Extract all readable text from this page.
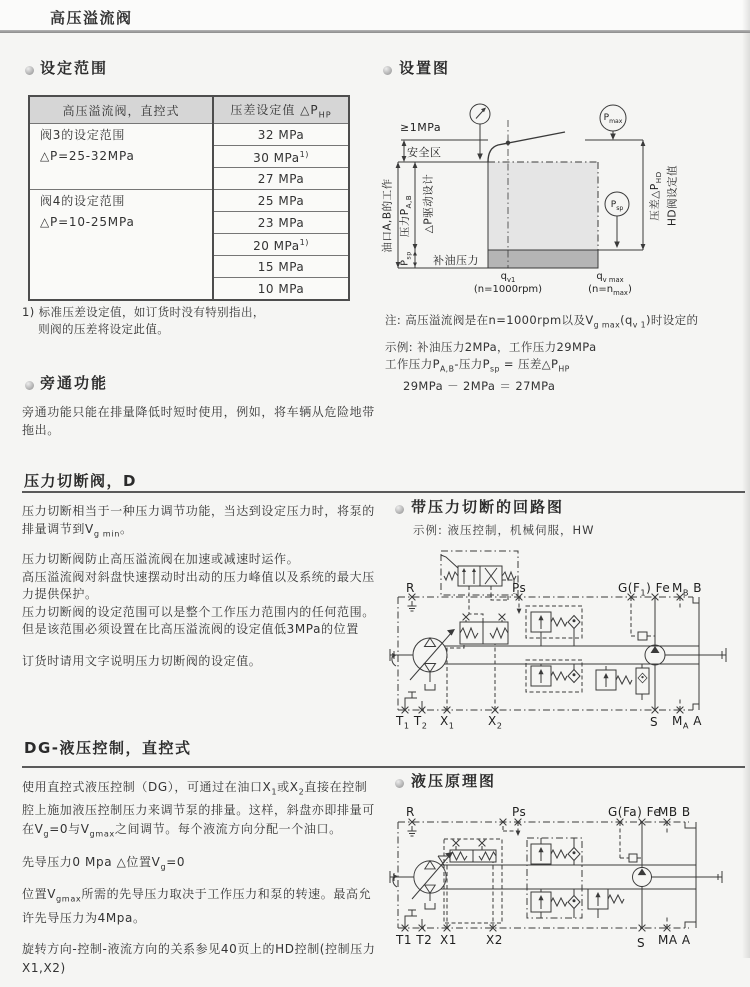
高压溢流阀
设定范围
高压溢流阀，直控式	压差设定值 $\triangle P_{HP}$

阀3的设定范围
△P=25-32MPa	32 MPa
	30 MPa$^{1)}$
	27 MPa

阀4的设定范围
△P=10-25MPa	25 MPa
	23 MPa
	20 MPa$^{1)}$
	15 MPa
	10 MPa
1) 标准压差设定值，如订货时没有特别指出，
则阀的压差将设定此值。
旁通功能
旁通功能只能在排量降低时短时使用，例如，将车辆从危险地带拖出。
设置图
≥1MPa
安全区
油口A,B的工作 压力$P_{A,B}$ △P驱动设计
$P_{sp}$ 补油压力
压差$\triangle P_{HD}$ HD阀设定值
$P_{max}$
$P_{sp}$
$q_{v1}$
(n=1000rpm)
$q_{v max}$
$(n=n_{max})$
注: 高压溢流阀是在n=1000rpm以及$V_{g max}(q_{v 1})$时设定的
示例: 补油压力2MPa，工作压力29MPa
工作压力$P_{A,B}-$压力$P_{sp}$ = 压差$\triangle P_{HP}$
29MPa － 2MPa ＝ 27MPa
压力切断阀，D

压力切断相当于一种压力调节功能，当达到设定压力时，将泵的排量调节到$V_{g min}$。

压力切断阀防止高压溢流阀在加速或减速时运作。

高压溢流阀对斜盘快速摆动时出动的压力峰值以及系统的最大压力提供保护。

压力切断阀的设定范围可以是整个工作压力范围内的任何范围。但是该范围必须设置在比高压溢流阀的设定值低3MPa的位置

订货时请用文字说明压力切断阀的设定值。

带压力切断的回路图
示例: 液压控制，机械伺服，HW
R	Ps	$G(F_1)$ Fe $M_B$ B
$T_1$ $T_2$ $X_1$	$X_2$	S $M_A$ A
DG-液压控制，直控式

使用直控式液压控制（DG），可通过在油口$X_1$或$X_2$直接在控制腔上施加液压控制压力来调节泵的排量。这样，斜盘亦即排量可在$V_g=0$与$V_{gmax}$之间调节。每个液流方向分配一个油口。

先导压力0 Mpa △位置$V_g=0$

位置$V_{gmax}$所需的先导压力取决于工作压力和泵的转速。最高允许先导压力为4Mpa。

旋转方向-控制-液流方向的关系参见40页上的HD控制(控制压力X1,X2)

液压原理图
R	Ps	G(Fa) Fe
MB B
T1 T2 X1 X2	S MA A
